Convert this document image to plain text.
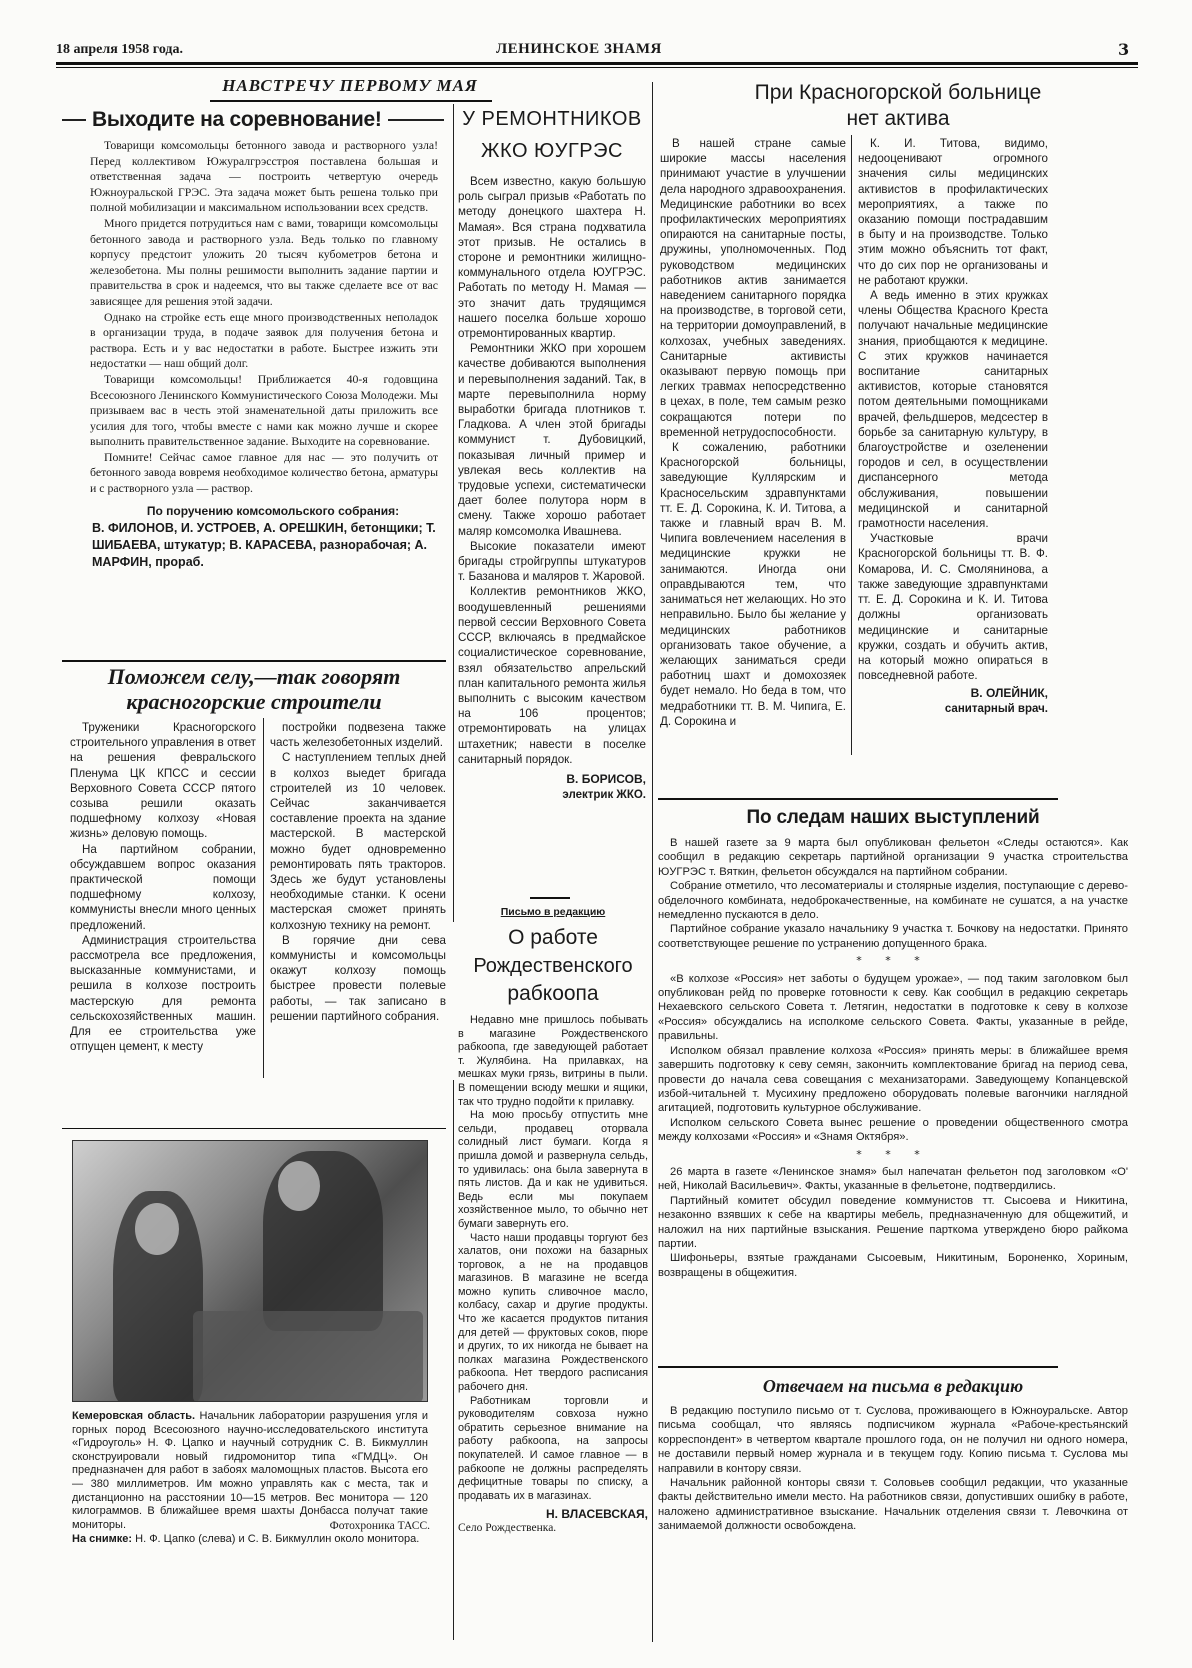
18 апреля 1958 года.	ЛЕНИНСКОЕ ЗНАМЯ	3
НАВСТРЕЧУ ПЕРВОМУ МАЯ
Выходите на соревнование!

Товарищи комсомольцы бетонного завода и растворного узла! Перед коллективом Южуралгрэсстроя поставлена большая и ответственная задача — построить четвертую очередь Южноуральской ГРЭС. Эта задача может быть решена только при полной мобилизации и максимальном использовании всех средств.

Много придется потрудиться нам с вами, товарищи комсомольцы бетонного завода и растворного узла. Ведь только по главному корпусу предстоит уложить 20 тысяч кубометров бетона и железобетона. Мы полны решимости выполнить задание партии и правительства в срок и надеемся, что вы также сделаете все от вас зависящее для решения этой задачи.

Однако на стройке есть еще много производственных неполадок в организации труда, в подаче заявок для получения бетона и раствора. Есть и у вас недостатки в работе. Быстрее изжить эти недостатки — наш общий долг.

Товарищи комсомольцы! Приближается 40-я годовщина Всесоюзного Ленинского Коммунистического Союза Молодежи. Мы призываем вас в честь этой знаменательной даты приложить все усилия для того, чтобы вместе с нами как можно лучше и скорее выполнить правительственное задание. Выходите на соревнование.

Помните! Сейчас самое главное для нас — это получить от бетонного завода вовремя необходимое количество бетона, арматуры и с растворного узла — раствор.

По поручению комсомольского собрания:
В. ФИЛОНОВ, И. УСТРОЕВ, А. ОРЕШКИН, бетонщики; Т. ШИБАЕВА, штукатур; В. КАРАСЕВА, разнорабочая; А. МАРФИН, прораб.
Поможем селу,—так говорят
красногорские строители

Труженики Красногорского строительного управления в ответ на решения февральского Пленума ЦК КПСС и сессии Верховного Совета СССР пятого созыва решили оказать подшефному колхозу «Новая жизнь» деловую помощь.

На партийном собрании, обсуждавшем вопрос оказания практической помощи подшефному колхозу, коммунисты внесли много ценных предложений.

Администрация строительства рассмотрела все предложения, высказанные коммунистами, и решила в колхозе построить мастерскую для ремонта сельскохозяйственных машин. Для ее строительства уже отпущен цемент, к месту

постройки подвезена также часть железобетонных изделий.

С наступлением теплых дней в колхоз выедет бригада строителей из 10 человек. Сейчас заканчивается составление проекта на здание мастерской. В мастерской можно будет одновременно ремонтировать пять тракторов. Здесь же будут установлены необходимые станки. К осени мастерская сможет принять колхозную технику на ремонт.

В горячие дни сева коммунисты и комсомольцы окажут колхозу помощь быстрее провести полевые работы, — так записано в решении партийного собрания.

Кемеровская область. Начальник лаборатории разрушения угля и горных пород Всесоюзного научно-исследовательского института «Гидроуголь» Н. Ф. Цапко и научный сотрудник С. В. Бикмуллин сконструировали новый гидромонитор типа «ГМДЦ». Он предназначен для работ в забоях маломощных пластов. Высота его — 380 миллиметров. Им можно управлять как с места, так и дистанционно на расстоянии 10—15 метров. Вес монитора — 120 килограммов. В ближайшее время шахты Донбасса получат такие мониторы.
На снимке: Н. Ф. Цапко (слева) и С. В. Бикмуллин около монитора.
Фотохроника ТАСС.
У РЕМОНТНИКОВ
ЖКО ЮУГРЭС

Всем известно, какую большую роль сыграл призыв «Работать по методу донецкого шахтера Н. Мамая». Вся страна подхватила этот призыв. Не остались в стороне и ремонтники жилищно-коммунального отдела ЮУГРЭС. Работать по методу Н. Мамая — это значит дать трудящимся нашего поселка больше хорошо отремонтированных квартир.

Ремонтники ЖКО при хорошем качестве добиваются выполнения и перевыполнения заданий. Так, в марте перевыполнила норму выработки бригада плотников т. Гладкова. А член этой бригады коммунист т. Дубовицкий, показывая личный пример и увлекая весь коллектив на трудовые успехи, систематически дает более полутора норм в смену. Также хорошо работает маляр комсомолка Ивашнева.

Высокие показатели имеют бригады стройгруппы штукатуров т. Базанова и маляров т. Жаровой.

Коллектив ремонтников ЖКО, воодушевленный решениями первой сессии Верховного Совета СССР, включаясь в предмайское социалистическое соревнование, взял обязательство апрельский план капитального ремонта жилья выполнить с высоким качеством на 106 процентов; отремонтировать на улицах штахетник; навести в поселке санитарный порядок.

В. БОРИСОВ,
электрик ЖКО.
Письмо в редакцию
О работе
Рождественского
рабкоопа

Недавно мне пришлось побывать в магазине Рождественского рабкоопа, где заведующей работает т. Жулябина. На прилавках, на мешках муки грязь, витрины в пыли. В помещении всюду мешки и ящики, так что трудно подойти к прилавку.

На мою просьбу отпустить мне сельди, продавец оторвала солидный лист бумаги. Когда я пришла домой и развернула сельдь, то удивилась: она была завернута в пять листов. Да и как не удивиться. Ведь если мы покупаем хозяйственное мыло, то обычно нет бумаги завернуть его.

Часто наши продавцы торгуют без халатов, они похожи на базарных торговок, а не на продавцов магазинов. В магазине не всегда можно купить сливочное масло, колбасу, сахар и другие продукты. Что же касается продуктов питания для детей — фруктовых соков, пюре и других, то их никогда не бывает на полках магазина Рождественского рабкоопа. Нет твердого расписания рабочего дня.

Работникам торговли и руководителям совхоза нужно обратить серьезное внимание на работу рабкоопа, на запросы покупателей. И самое главное — в рабкоопе не должны распределять дефицитные товары по списку, а продавать их в магазинах.

Н. ВЛАСЕВСКАЯ,
Село Рождественка.
При Красногорской больнице
нет актива

В нашей стране самые широкие массы населения принимают участие в улучшении дела народного здравоохранения. Медицинские работники во всех профилактических мероприятиях опираются на санитарные посты, дружины, уполномоченных. Под руководством медицинских работников актив занимается наведением санитарного порядка на производстве, в торговой сети, на территории домоуправлений, в колхозах, учебных заведениях. Санитарные активисты оказывают первую помощь при легких травмах непосредственно в цехах, в поле, тем самым резко сокращаются потери по временной нетрудоспособности.

К сожалению, работники Красногорской больницы, заведующие Куллярским и Красносельским здравпунктами тт. Е. Д. Сорокина, К. И. Титова, а также и главный врач В. М. Чипига вовлечением населения в медицинские кружки не занимаются. Иногда они оправдываются тем, что заниматься нет желающих. Но это неправильно. Было бы желание у медицинских работников организовать такое обучение, а желающих заниматься среди работниц шахт и домохозяек будет немало. Но беда в том, что медработники тт. В. М. Чипига, Е. Д. Сорокина и

К. И. Титова, видимо, недооценивают огромного значения силы медицинских активистов в профилактических мероприятиях, а также по оказанию помощи пострадавшим в быту и на производстве. Только этим можно объяснить тот факт, что до сих пор не организованы и не работают кружки.

А ведь именно в этих кружках члены Общества Красного Креста получают начальные медицинские знания, приобщаются к медицине. С этих кружков начинается воспитание санитарных активистов, которые становятся потом деятельными помощниками врачей, фельдшеров, медсестер в борьбе за санитарную культуру, в благоустройстве и озеленении городов и сел, в осуществлении диспансерного метода обслуживания, повышении медицинской и санитарной грамотности населения.

Участковые врачи Красногорской больницы тт. В. Ф. Комарова, И. С. Смолянинова, а также заведующие здравпунктами тт. Е. Д. Сорокина и К. И. Титова должны организовать медицинские и санитарные кружки, создать и обучить актив, на который можно опираться в повседневной работе.

В. ОЛЕЙНИК,
санитарный врач.
По следам наших выступлений

В нашей газете за 9 марта был опубликован фельетон «Следы остаются». Как сообщил в редакцию секретарь партийной организации 9 участка строительства ЮУГРЭС т. Вяткин, фельетон обсуждался на партийном собрании.

Собрание отметило, что лесоматериалы и столярные изделия, поступающие с дерево-обделочного комбината, недоброкачественные, на комбинате не сушатся, а на участке немедленно пускаются в дело.

Партийное собрание указало начальнику 9 участка т. Бочкову на недостатки. Принято соответствующее решение по устранению допущенного брака.

* * *

«В колхозе «Россия» нет заботы о будущем урожае», — под таким заголовком был опубликован рейд по проверке готовности к севу. Как сообщил в редакцию секретарь Нехаевского сельского Совета т. Летягин, недостатки в подготовке к севу в колхозе «Россия» обсуждались на исполкоме сельского Совета. Факты, указанные в рейде, правильны.

Исполком обязал правление колхоза «Россия» принять меры: в ближайшее время завершить подготовку к севу семян, закончить комплектование бригад на период сева, провести до начала сева совещания с механизаторами. Заведующему Копанцевской избой-читальней т. Мусихину предложено оборудовать полевые вагончики наглядной агитацией, подготовить культурное обслуживание.

Исполком сельского Совета вынес решение о проведении общественного смотра между колхозами «Россия» и «Знамя Октября».

* * *

26 марта в газете «Ленинское знамя» был напечатан фельетон под заголовком «О' ней, Николай Васильевич». Факты, указанные в фельетоне, подтвердились.

Партийный комитет обсудил поведение коммунистов тт. Сысоева и Никитина, незаконно взявших к себе на квартиры мебель, предназначенную для общежитий, и наложил на них партийные взыскания. Решение парткома утверждено бюро райкома партии.

Шифоньеры, взятые гражданами Сысоевым, Никитиным, Бороненко, Хориным, возвращены в общежития.

Отвечаем на письма в редакцию

В редакцию поступило письмо от т. Суслова, проживающего в Южноуральске. Автор письма сообщал, что являясь подписчиком журнала «Рабоче-крестьянский корреспондент» в четвертом квартале прошлого года, он не получил ни одного номера, не доставили первый номер журнала и в текущем году. Копию письма т. Суслова мы направили в контору связи.

Начальник районной конторы связи т. Соловьев сообщил редакции, что указанные факты действительно имели место. На работников связи, допустивших ошибку в работе, наложено административное взыскание. Начальник отделения связи т. Левочкина от занимаемой должности освобождена.
